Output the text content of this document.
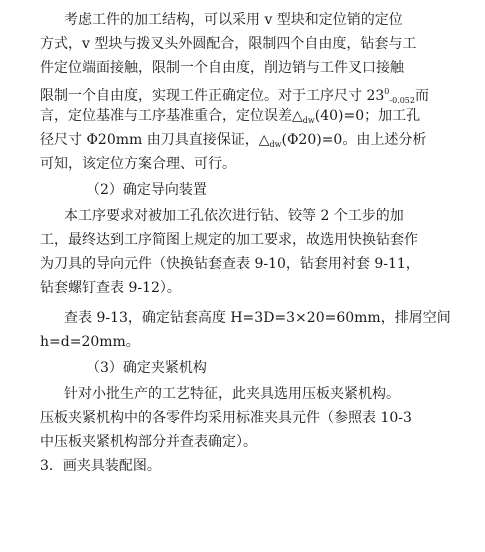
考虑工件的加工结构，可以采用 v 型块和定位销的定位
方式，v 型块与拨叉头外圆配合，限制四个自由度，钻套与工
件定位端面接触，限制一个自由度，削边销与工件叉口接触
限制一个自由度，实现工件正确定位。对于工序尺寸 $23^0_{-0.052}$而
言，定位基准与工序基准重合，定位误差$\triangle_{dw}(40)=0$；加工孔
径尺寸 Φ20mm 由刀具直接保证，$\triangle_{dw}(\Phi 20)=0$。由上述分析
可知，该定位方案合理、可行。
（2）确定导向装置
本工序要求对被加工孔依次进行钻、铰等 2 个工步的加
工，最终达到工序简图上规定的加工要求，故选用快换钻套作
为刀具的导向元件（快换钻套查表 9-10，钻套用衬套 9-11，
钻套螺钉查表 9-12）。
查表 9-13，确定钻套高度 H=3D=3×20=60mm，排屑空间
h=d=20mm。
（3）确定夹紧机构
针对小批生产的工艺特征，此夹具选用压板夹紧机构。
压板夹紧机构中的各零件均采用标准夹具元件（参照表 10-3
中压板夹紧机构部分并查表确定）。
3．画夹具装配图。
